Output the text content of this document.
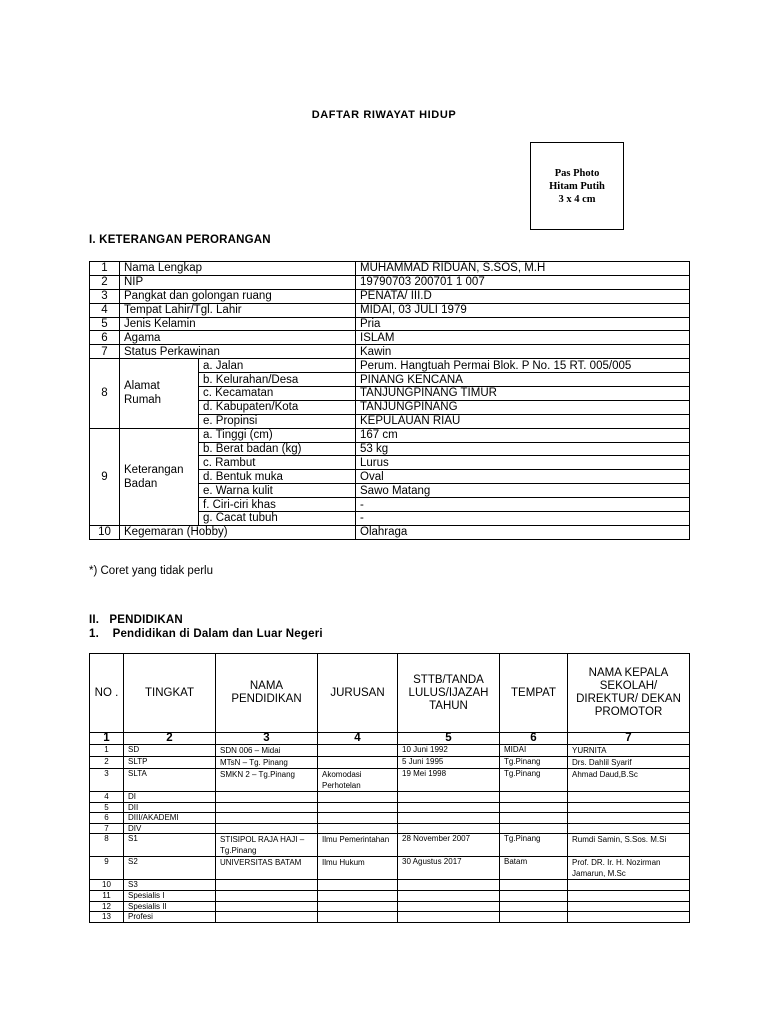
DAFTAR RIWAYAT HIDUP
Pas Photo
Hitam Putih
3 x 4 cm
I. KETERANGAN PERORANGAN
1	Nama Lengkap		MUHAMMAD RIDUAN, S.SOS, M.H
2	NIP		19790703 200701 1 007
3	Pangkat dan golongan ruang		PENATA/ III.D
4	Tempat Lahir/Tgl. Lahir		MIDAI, 03 JULI 1979
5	Jenis Kelamin		Pria
6	Agama		ISLAM
7	Status Perkawinan		Kawin
8	Alamat Rumah	a. Jalan	Perum. Hangtuah Permai Blok. P No. 15 RT. 005/005
		b. Kelurahan/Desa	PINANG KENCANA
		c. Kecamatan	TANJUNGPINANG TIMUR
		d. Kabupaten/Kota	TANJUNGPINANG
		e. Propinsi	KEPULAUAN RIAU
9	Keterangan Badan	a. Tinggi (cm)	167 cm
		b. Berat badan (kg)	53 kg
		c. Rambut	Lurus
		d. Bentuk muka	Oval
		e. Warna kulit	Sawo Matang
		f. Ciri-ciri khas	-
		g. Cacat tubuh	-
10	Kegemaran (Hobby)		Olahraga
*) Coret yang tidak perlu
II.   PENDIDIKAN
1.    Pendidikan di Dalam dan Luar Negeri
NO .	TINGKAT	NAMA PENDIDIKAN	JURUSAN	STTB/TANDA LULUS/IJAZAH TAHUN	TEMPAT	NAMA KEPALA SEKOLAH/ DIREKTUR/ DEKAN PROMOTOR
1	2	3	4	5	6	7
1	SD	SDN 006 – Midai		10 Juni 1992	MIDAI	YURNITA
2	SLTP	MTsN – Tg. Pinang		5 Juni 1995	Tg.Pinang	Drs. Dahlil Syarif
3	SLTA	SMKN 2 – Tg.Pinang	Akomodasi Perhotelan	19 Mei 1998	Tg.Pinang	Ahmad Daud,B.Sc
4	DI					
5	DII					
6	DIII/AKADEMI					
7	DIV					
8	S1	STISIPOL RAJA HAJI – Tg.Pinang	Ilmu Pemerintahan	28 November 2007	Tg.Pinang	Rumdi Samin, S.Sos. M.Si
9	S2	UNIVERSITAS BATAM	Ilmu Hukum	30 Agustus 2017	Batam	Prof. DR. Ir. H. Nozirman Jamarun, M.Sc
10	S3					
11	Spesialis I					
12	Spesialis II					
13	Profesi					
